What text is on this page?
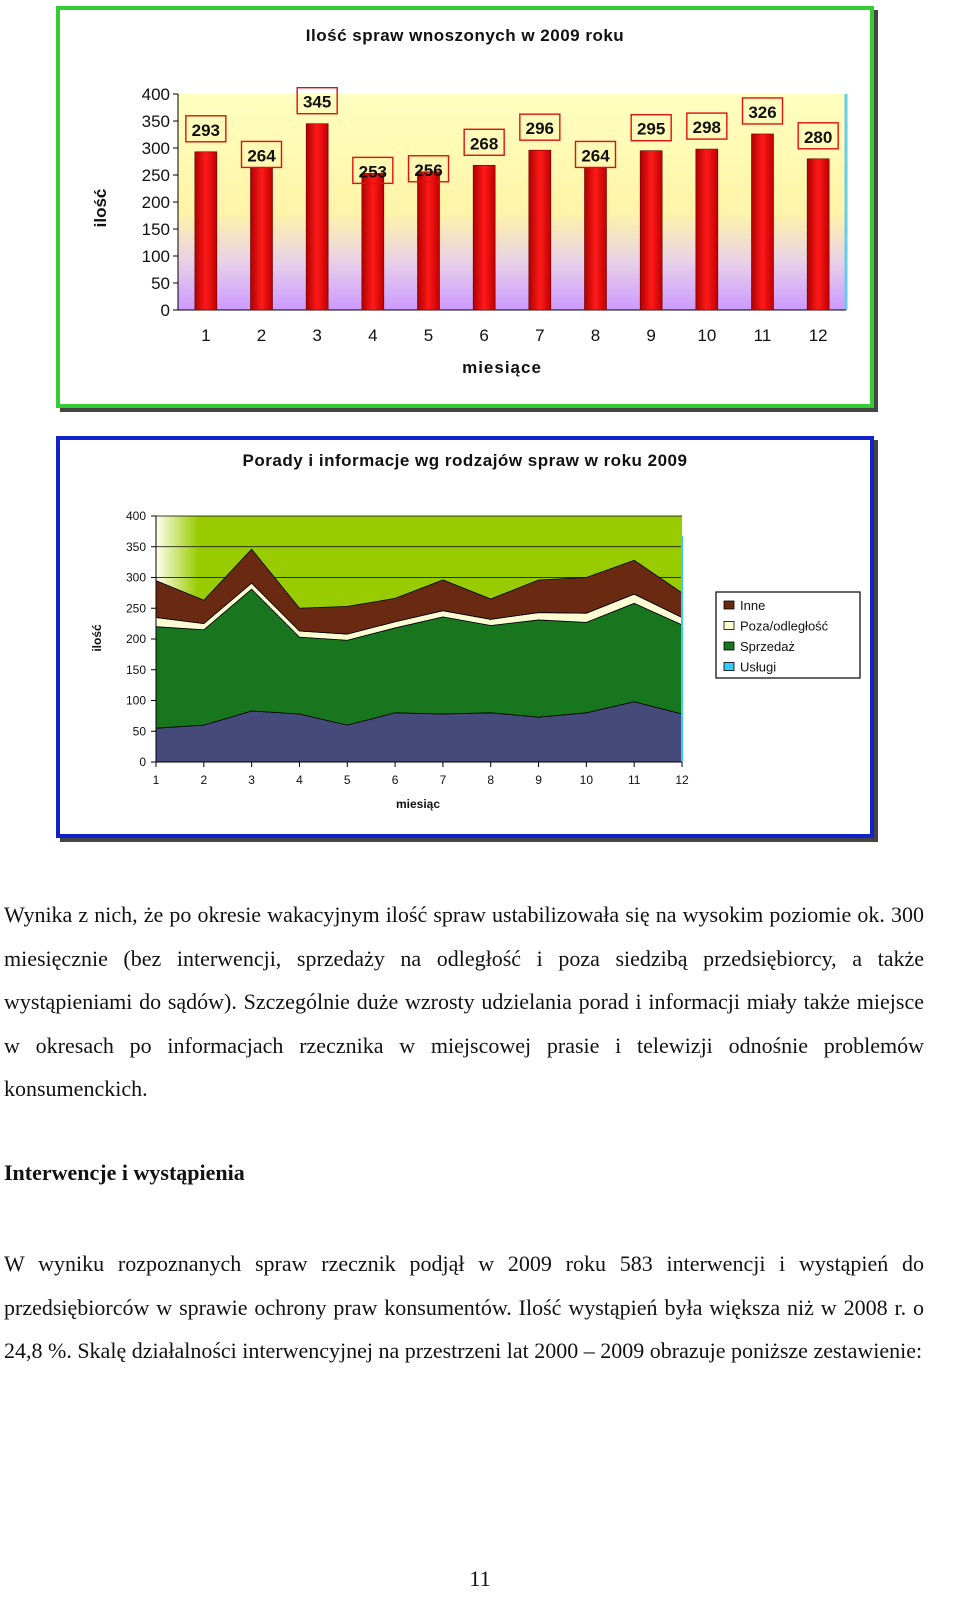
Ilość spraw wnoszonych w 2009 roku
ilość
miesiące
0
50
100
150
200
250
300
350
400
1
293
2
264
3
345
4
253
5
256
6
268
7
296
8
264
9
295
10
298
11
326
12
280
Porady i informacje wg rodzajów spraw w roku 2009
ilość
miesiąc
0
50
100
150
200
250
300
350
400
1	2	3	4	5	6	7	8	9	10	11	12
Inne
Poza/odległość
Sprzedaż
Usługi

Wynika z nich, że po okresie wakacyjnym ilość spraw ustabilizowała się na wysokim poziomie ok. 300 miesięcznie (bez interwencji, sprzedaży na odległość i poza siedzibą przedsiębiorcy, a także wystąpieniami do sądów). Szczególnie duże wzrosty udzielania porad i informacji miały także miejsce w okresach po informacjach rzecznika w miejscowej prasie i telewizji odnośnie problemów konsumenckich.

Interwencje i wystąpienia

W wyniku rozpoznanych spraw rzecznik podjął w 2009 roku 583 interwencji i wystąpień do przedsiębiorców w sprawie ochrony praw konsumentów. Ilość wystąpień była większa niż w 2008 r. o 24,8 %. Skalę działalności interwencyjnej na przestrzeni lat 2000 – 2009 obrazuje poniższe zestawienie:

11
